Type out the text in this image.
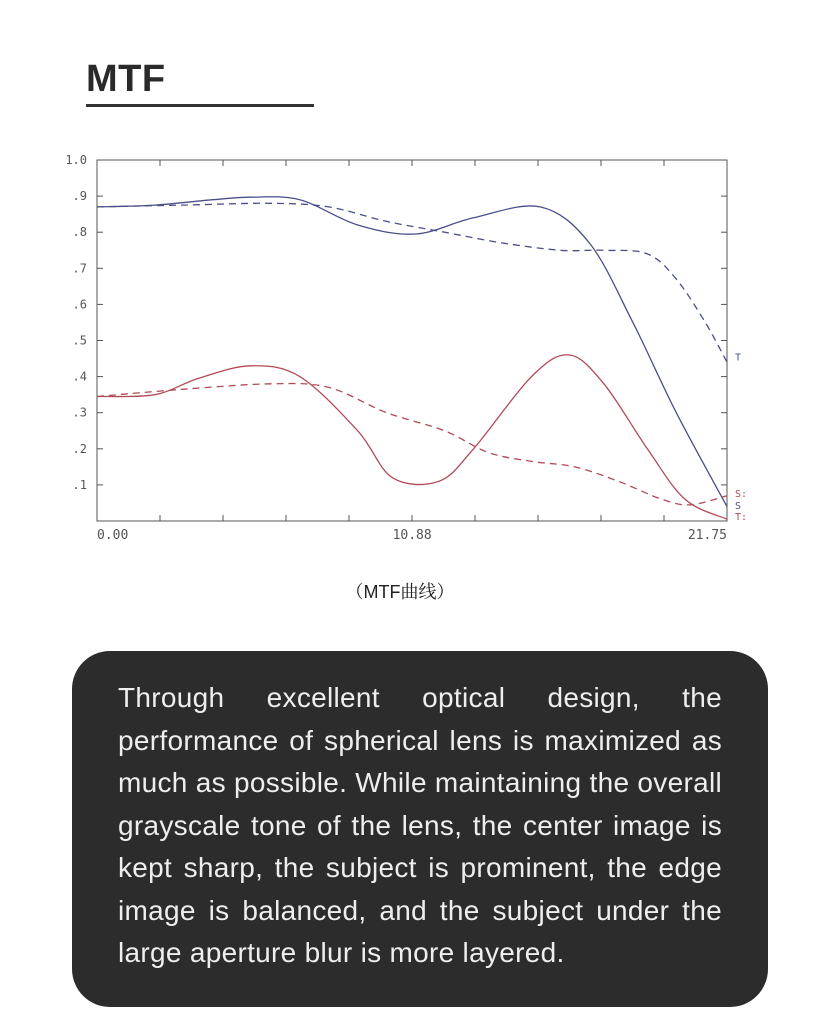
MTF
1.0
.9
.8
.7
.6
.5
.4
.3
.2
.1
0.00	10.88	21.75
T
S:
S
T:
（MTF曲线）

Through excellent optical design, the performance of spherical lens is maximized as much as possible. While maintaining the overall grayscale tone of the lens, the center image is kept sharp, the subject is prominent, the edge image is balanced, and the subject under the large aperture blur is more layered.
